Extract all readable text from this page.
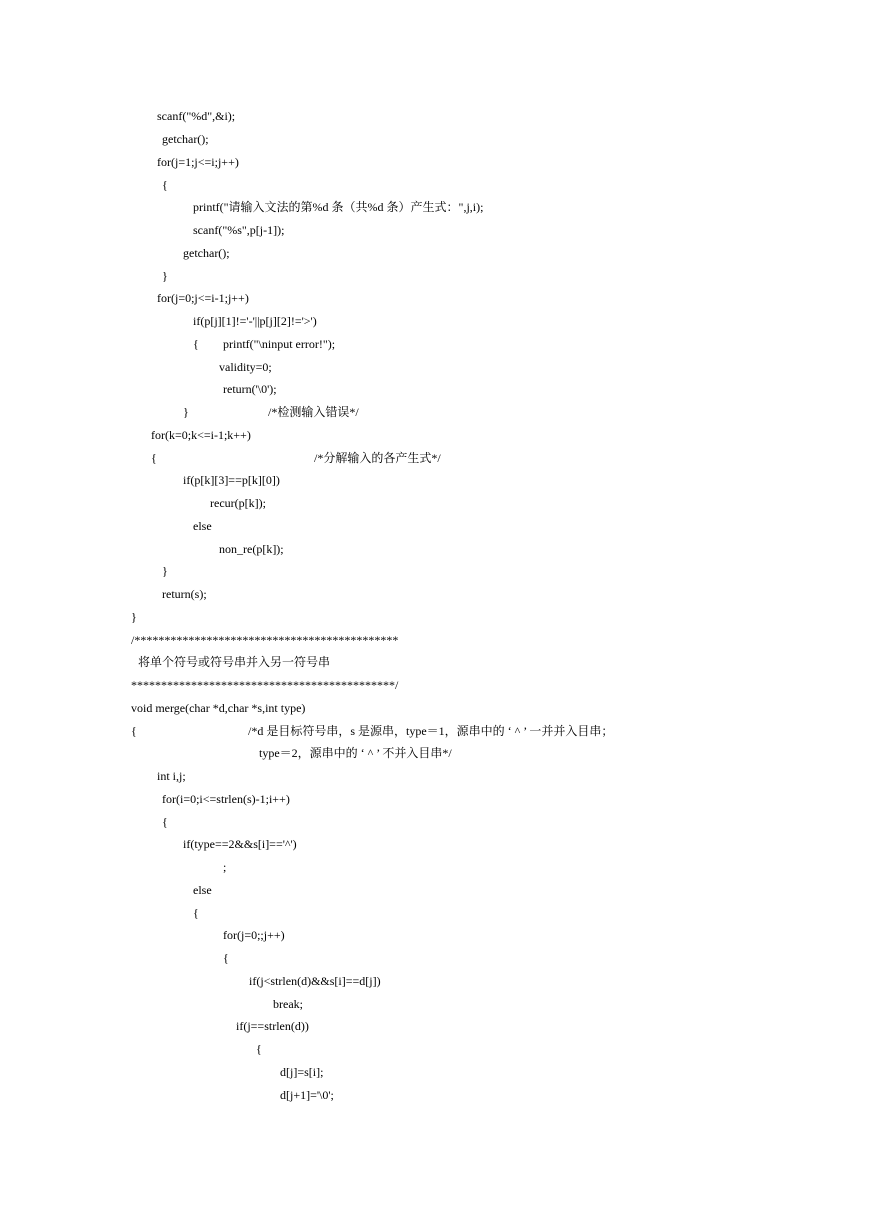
scanf("%d",&i);
getchar();
for(j=1;j<=i;j++)
{
printf("请输入文法的第%d 条（共%d 条）产生式：",j,i);
scanf("%s",p[j-1]);
getchar();
}
for(j=0;j<=i-1;j++)
if(p[j][1]!='-'||p[j][2]!='>')
{ printf("\ninput error!");
validity=0;
return('\0');
}	/*检测输入错误*/
for(k=0;k<=i-1;k++)
{	/*分解输入的各产生式*/
if(p[k][3]==p[k][0])
recur(p[k]);
else
non_re(p[k]);
}
return(s);
}
/********************************************
将单个符号或符号串并入另一符号串
********************************************/
void merge(char *d,char *s,int type)
{	/*d 是目标符号串，s 是源串，type＝1，源串中的 ‘ ^ ’ 一并并入目串；
type＝2，源串中的 ‘ ^ ’ 不并入目串*/
int i,j;
for(i=0;i<=strlen(s)-1;i++)
{
if(type==2&&s[i]=='^')
;
else
{
for(j=0;;j++)
{
if(j<strlen(d)&&s[i]==d[j])
break;
if(j==strlen(d))
{
d[j]=s[i];
d[j+1]='\0';
